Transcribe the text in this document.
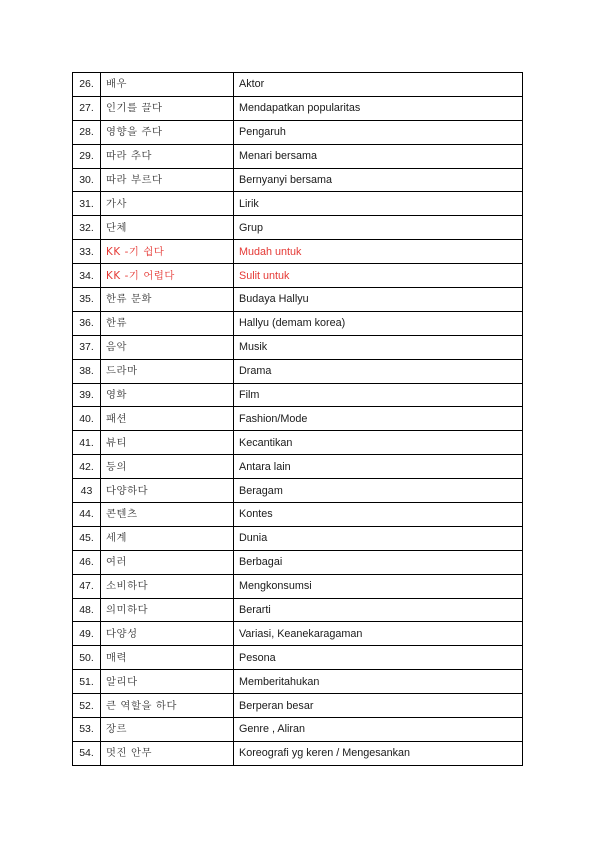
26.	배우	Aktor
27.	인기를 끌다	Mendapatkan popularitas
28.	영향을 주다	Pengaruh
29.	따라 추다	Menari bersama
30.	따라 부르다	Bernyanyi bersama
31.	가사	Lirik
32.	단체	Grup
33.	KK -기 쉽다	Mudah untuk
34.	KK -기 어렵다	Sulit untuk
35.	한류 문화	Budaya Hallyu
36.	한류	Hallyu (demam korea)
37.	음악	Musik
38.	드라마	Drama
39.	영화	Film
40.	패션	Fashion/Mode
41.	뷰티	Kecantikan
42.	등의	Antara lain
43	다양하다	Beragam
44.	콘텐츠	Kontes
45.	세계	Dunia
46.	여러	Berbagai
47.	소비하다	Mengkonsumsi
48.	의미하다	Berarti
49.	다양성	Variasi, Keanekaragaman
50.	매력	Pesona
51.	알리다	Memberitahukan
52.	큰 역할을 하다	Berperan besar
53.	장르	Genre , Aliran
54.	멋진 안무	Koreografi yg keren / Mengesankan
